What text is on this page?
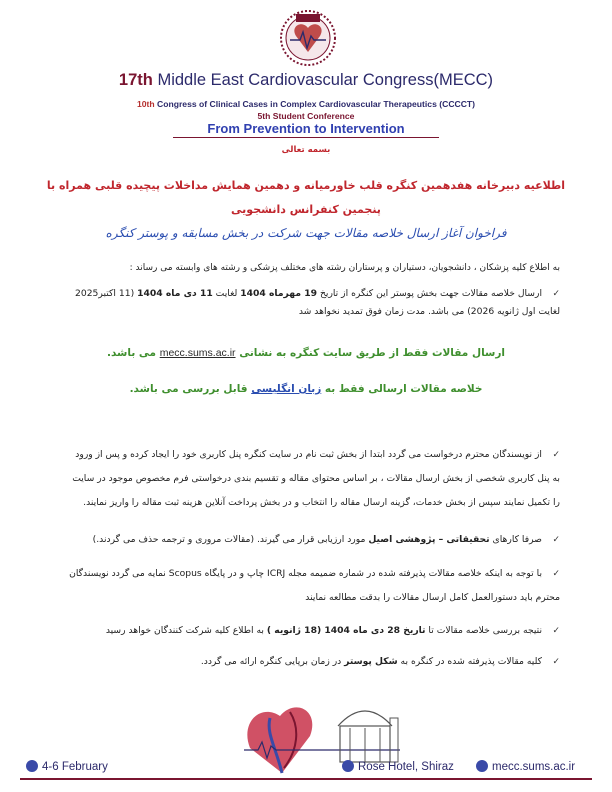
17th Middle East Cardiovascular Congress(MECC)
10th Congress of Clinical Cases in Complex Cardiovascular Therapeutics (CCCCT)
5th Student Conference
From Prevention to Intervention
بسمه تعالی
اطلاعیه دبیرخانه هفدهمین کنگره قلب خاورمیانه و دهمین همایش مداخلات پیچیده قلبی همراه با پنجمین کنفرانس دانشجویی
فراخوان آغاز ارسال خلاصه مقالات جهت شرکت در بخش مسابقه و پوستر کنگره
به اطلاع کلیه پزشکان ، دانشجویان، دستیاران و پرستاران رشته های مختلف پزشکی و رشته های وابسته می رساند :
✓ارسال خلاصه مقالات جهت بخش پوستر این کنگره از تاریخ 19 مهرماه 1404 لغایت 11 دی ماه 1404 (11 اکتبر2025
لغایت اول ژانویه 2026) می باشد. مدت زمان فوق تمدید نخواهد شد
ارسال مقالات فقط از طریق سایت کنگره به نشانی mecc.sums.ac.ir می باشد.
خلاصه مقالات ارسالی فقط به زبان انگلیسی قابل بررسی می باشد.
✓از نویسندگان محترم درخواست می گردد ابتدا از بخش ثبت نام در سایت کنگره پنل کاربری خود را ایجاد کرده و پس از ورود
به پنل کاربری شخصی از بخش ارسال مقالات ، بر اساس محتوای مقاله و تقسیم بندی درخواستی فرم مخصوص موجود در سایت
را تکمیل نمایند سپس از بخش خدمات، گزینه ارسال مقاله را انتخاب و در بخش پرداخت آنلاین هزینه ثبت مقاله را واریز نمایند.
✓صرفا کارهای تحقیقاتی – پژوهشی اصیل مورد ارزیابی قرار می گیرند. (مقالات مروری و ترجمه حذف می گردند.)
✓با توجه به اینکه خلاصه مقالات پذیرفته شده در شماره ضمیمه مجله ICRJ چاپ و در پایگاه Scopus نمایه می گردد نویسندگان
محترم باید دستورالعمل کامل ارسال مقالات را بدقت مطالعه نمایند
✓نتیجه بررسی خلاصه مقالات تا تاریخ 28 دی ماه 1404 (18 ژانویه ) به اطلاع کلیه شرکت کنندگان خواهد رسید
✓کلیه مقالات پذیرفته شده در کنگره به شکل پوستر در زمان برپایی کنگره ارائه می گردد.
4-6 February	Rose Hotel, Shiraz	mecc.sums.ac.ir
